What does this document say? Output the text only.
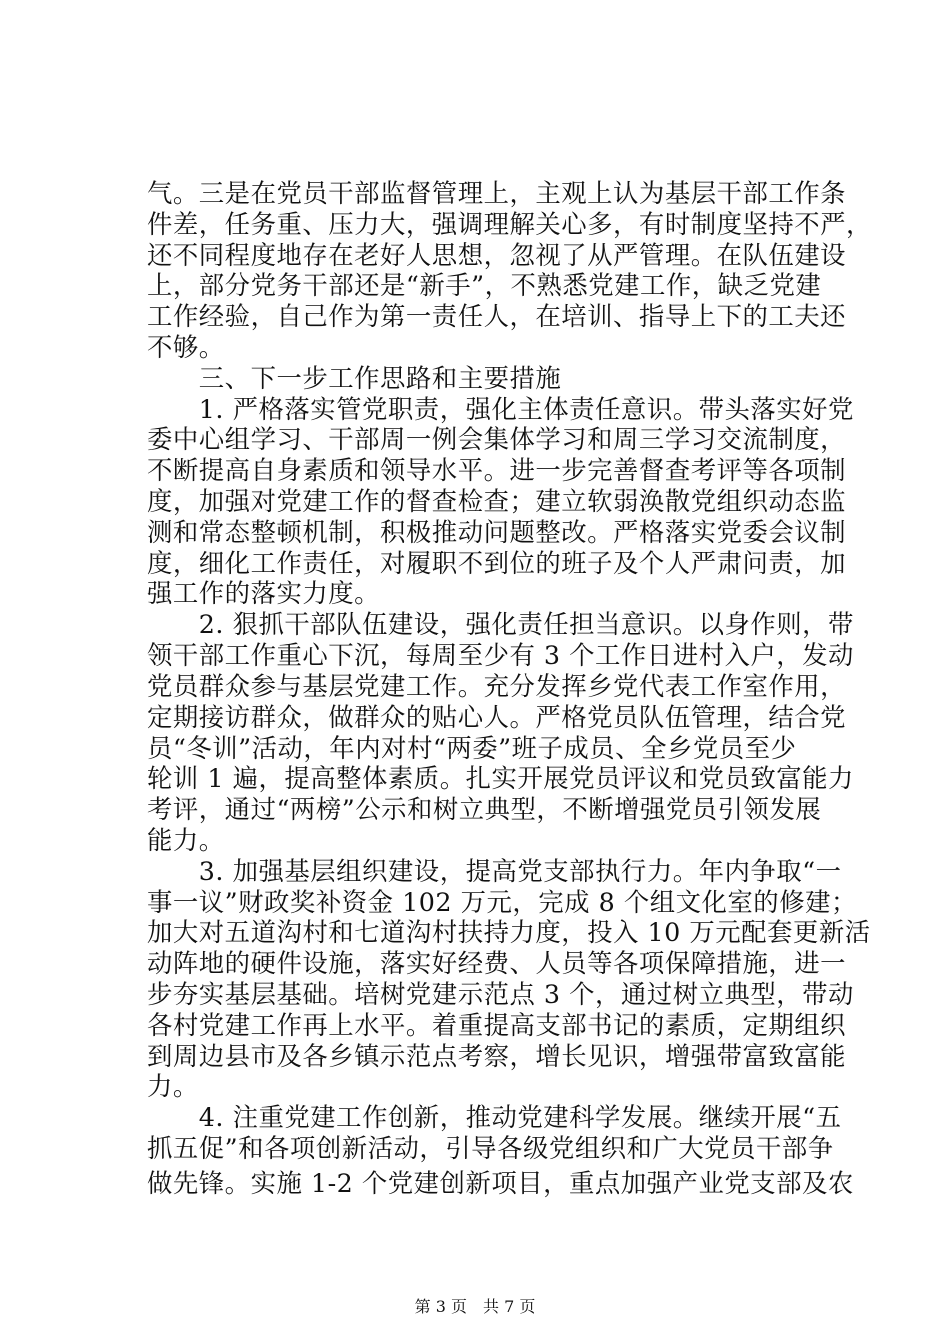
气。三是在党员干部监督管理上，主观上认为基层干部工作条
件差，任务重、压力大，强调理解关心多，有时制度坚持不严，
还不同程度地存在老好人思想，忽视了从严管理。在队伍建设
上，部分党务干部还是“新手”，不熟悉党建工作，缺乏党建
工作经验，自己作为第一责任人，在培训、指导上下的工夫还
不够。
　　三、下一步工作思路和主要措施
　　1. 严格落实管党职责，强化主体责任意识。带头落实好党
委中心组学习、干部周一例会集体学习和周三学习交流制度，
不断提高自身素质和领导水平。进一步完善督查考评等各项制
度，加强对党建工作的督查检查；建立软弱涣散党组织动态监
测和常态整顿机制，积极推动问题整改。严格落实党委会议制
度，细化工作责任，对履职不到位的班子及个人严肃问责，加
强工作的落实力度。
　　2. 狠抓干部队伍建设，强化责任担当意识。以身作则，带
领干部工作重心下沉，每周至少有 3 个工作日进村入户，发动
党员群众参与基层党建工作。充分发挥乡党代表工作室作用，
定期接访群众，做群众的贴心人。严格党员队伍管理，结合党
员“冬训”活动，年内对村“两委”班子成员、全乡党员至少
轮训 1 遍，提高整体素质。扎实开展党员评议和党员致富能力
考评，通过“两榜”公示和树立典型，不断增强党员引领发展
能力。
　　3. 加强基层组织建设，提高党支部执行力。年内争取“一
事一议”财政奖补资金 102 万元，完成 8 个组文化室的修建；
加大对五道沟村和七道沟村扶持力度，投入 10 万元配套更新活
动阵地的硬件设施，落实好经费、人员等各项保障措施，进一
步夯实基层基础。培树党建示范点 3 个，通过树立典型，带动
各村党建工作再上水平。着重提高支部书记的素质，定期组织
到周边县市及各乡镇示范点考察，增长见识，增强带富致富能
力。
　　4. 注重党建工作创新，推动党建科学发展。继续开展“五
抓五促”和各项创新活动，引导各级党组织和广大党员干部争
做先锋。实施 1-2 个党建创新项目，重点加强产业党支部及农
第 3 页　共 7 页
